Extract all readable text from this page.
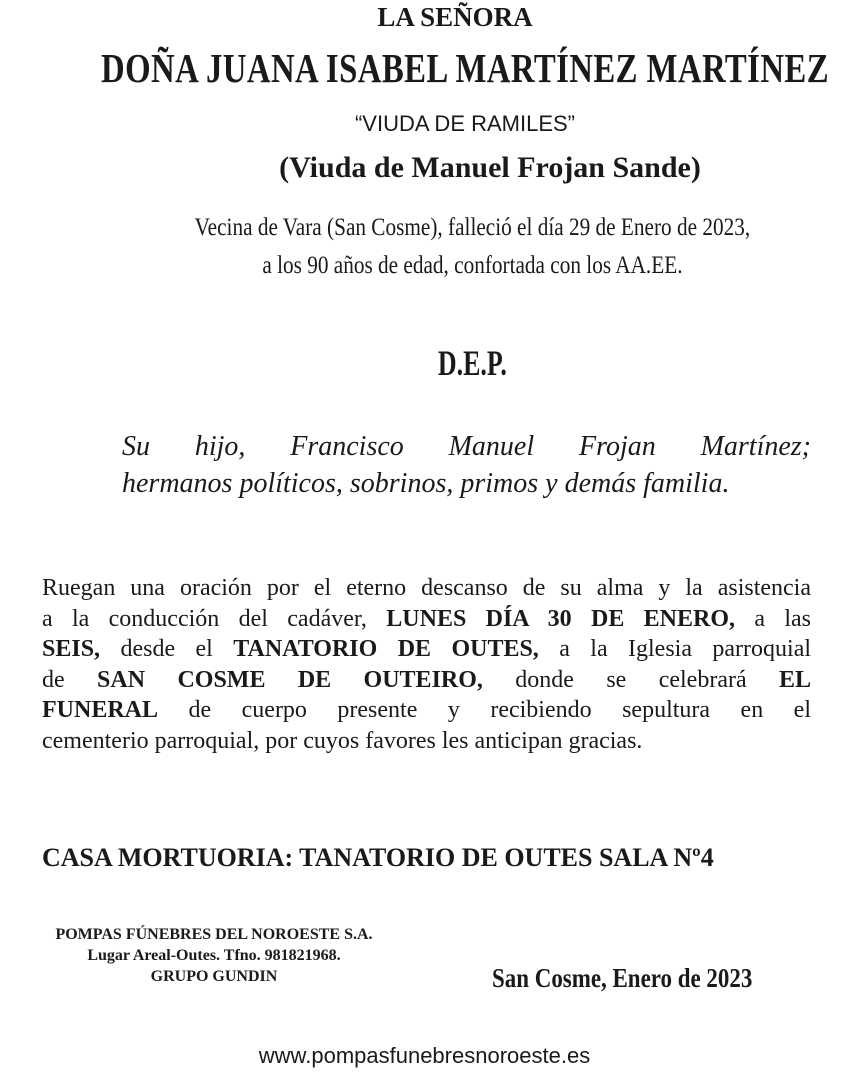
LA SEÑORA
DOÑA JUANA ISABEL MARTÍNEZ MARTÍNEZ
“VIUDA DE RAMILES”
(Viuda de Manuel Frojan Sande)
Vecina de Vara (San Cosme), falleció el día 29 de Enero de 2023,
a los 90 años de edad, confortada con los AA.EE.
D.E.P.
Su hijo, Francisco Manuel Frojan Martínez;
hermanos políticos, sobrinos, primos y demás familia.
Ruegan una oración por el eterno descanso de su alma y la asistencia
a la conducción del cadáver, LUNES DÍA 30 DE ENERO, a las
SEIS, desde el TANATORIO DE OUTES, a la Iglesia parroquial
de SAN COSME DE OUTEIRO, donde se celebrará EL
FUNERAL de cuerpo presente y recibiendo sepultura en el
cementerio parroquial, por cuyos favores les anticipan gracias.
CASA MORTUORIA: TANATORIO DE OUTES SALA Nº4
POMPAS FÚNEBRES DEL NOROESTE S.A.
Lugar Areal-Outes. Tfno. 981821968.
GRUPO GUNDIN	San Cosme, Enero de 2023
www.pompasfunebresnoroeste.es
